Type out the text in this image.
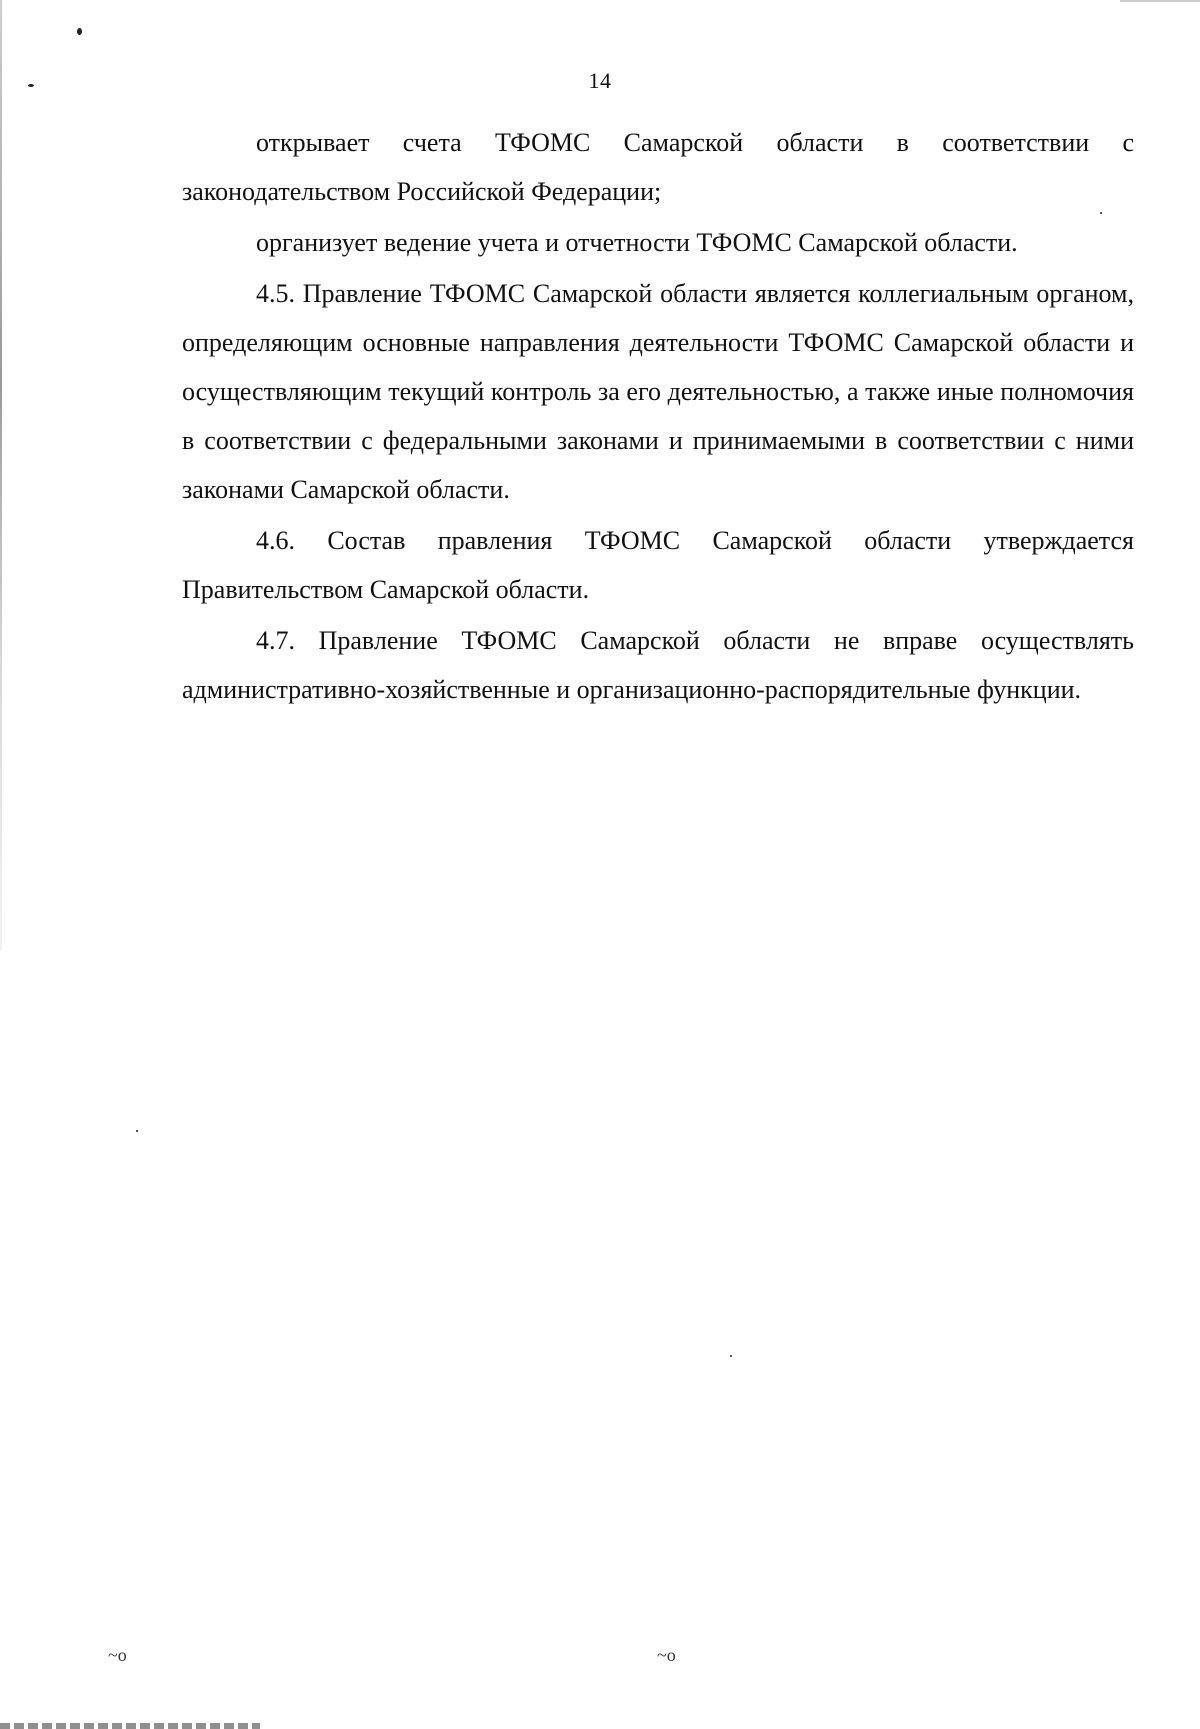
14

открывает счета ТФОМС Самарской области в соответствии с законодательством Российской Федерации;

организует ведение учета и отчетности ТФОМС Самарской области.

4.5. Правление ТФОМС Самарской области является коллегиальным органом, определяющим основные направления деятельности ТФОМС Самарской области и осуществляющим текущий контроль за его деятельностью, а также иные полномочия в соответствии с федеральными законами и принимаемыми в соответствии с ними законами Самарской области.

4.6. Состав правления ТФОМС Самарской области утверждается Правительством Самарской области.

4.7. Правление ТФОМС Самарской области не вправе осуществлять административно-хозяйственные и организационно-распорядительные функции.

~o	~o
